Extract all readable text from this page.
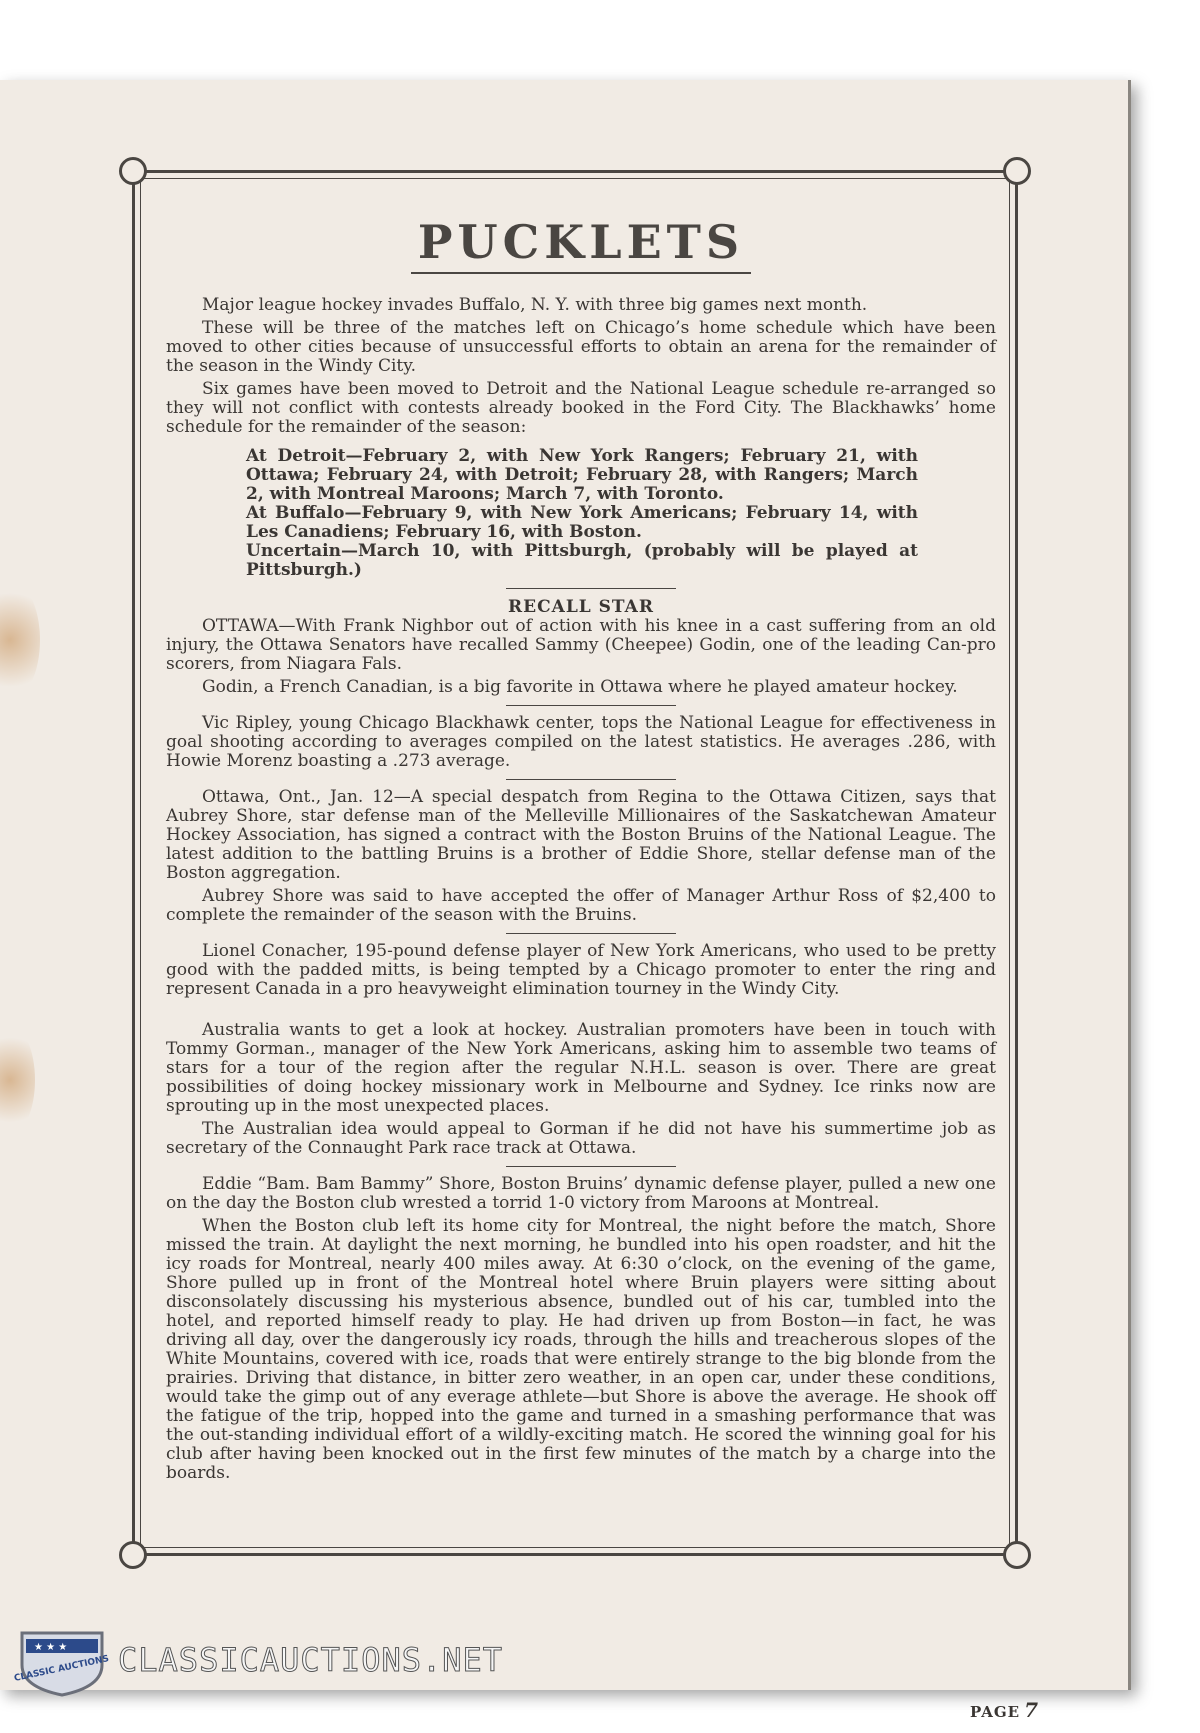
PUCKLETS

Major league hockey invades Buffalo, N. Y. with three big games next month.

These will be three of the matches left on Chicago’s home schedule which have been moved to other cities because of unsuccessful efforts to obtain an arena for the remainder of the season in the Windy City.

Six games have been moved to Detroit and the National League schedule re-arranged so they will not conflict with contests already booked in the Ford City. The Blackhawks’ home schedule for the remainder of the season:

At Detroit—February 2, with New York Rangers; February 21, with Ottawa; February 24, with Detroit; February 28, with Rangers; March 2, with Montreal Maroons; March 7, with Toronto.

At Buffalo—February 9, with New York Americans; February 14, with Les Canadiens; February 16, with Boston.

Uncertain—March 10, with Pittsburgh, (probably will be played at Pittsburgh.)

RECALL STAR

OTTAWA—With Frank Nighbor out of action with his knee in a cast suffering from an old injury, the Ottawa Senators have recalled Sammy (Cheepee) Godin, one of the leading Can-pro scorers, from Niagara Fals.

Godin, a French Canadian, is a big favorite in Ottawa where he played amateur hockey.

Vic Ripley, young Chicago Blackhawk center, tops the National League for effectiveness in goal shooting according to averages compiled on the latest statistics. He averages .286, with Howie Morenz boasting a .273 average.

Ottawa, Ont., Jan. 12—A special despatch from Regina to the Ottawa Citizen, says that Aubrey Shore, star defense man of the Melleville Millionaires of the Saskatchewan Amateur Hockey Association, has signed a contract with the Boston Bruins of the National League. The latest addition to the battling Bruins is a brother of Eddie Shore, stellar defense man of the Boston aggregation.

Aubrey Shore was said to have accepted the offer of Manager Arthur Ross of $2,400 to complete the remainder of the season with the Bruins.

Lionel Conacher, 195-pound defense player of New York Americans, who used to be pretty good with the padded mitts, is being tempted by a Chicago promoter to enter the ring and represent Canada in a pro heavyweight elimination tourney in the Windy City.

Australia wants to get a look at hockey. Australian promoters have been in touch with Tommy Gorman., manager of the New York Americans, asking him to assemble two teams of stars for a tour of the region after the regular N.H.L. season is over. There are great possibilities of doing hockey missionary work in Melbourne and Sydney. Ice rinks now are sprouting up in the most unexpected places.

The Australian idea would appeal to Gorman if he did not have his summertime job as secretary of the Connaught Park race track at Ottawa.

Eddie “Bam. Bam Bammy” Shore, Boston Bruins’ dynamic defense player, pulled a new one on the day the Boston club wrested a torrid 1-0 victory from Maroons at Montreal.

When the Boston club left its home city for Montreal, the night before the match, Shore missed the train. At daylight the next morning, he bundled into his open roadster, and hit the icy roads for Montreal, nearly 400 miles away. At 6:30 o’clock, on the evening of the game, Shore pulled up in front of the Montreal hotel where Bruin players were sitting about disconsolately discussing his mysterious absence, bundled out of his car, tumbled into the hotel, and reported himself ready to play. He had driven up from Boston—in fact, he was driving all day, over the dangerously icy roads, through the hills and treacherous slopes of the White Mountains, covered with ice, roads that were entirely strange to the big blonde from the prairies. Driving that distance, in bitter zero weather, in an open car, under these conditions, would take the gimp out of any everage athlete—but Shore is above the average. He shook off the fatigue of the trip, hopped into the game and turned in a smashing performance that was the out-standing individual effort of a wildly-exciting match. He scored the winning goal for his club after having been knocked out in the first few minutes of the match by a charge into the boards.

PAGE 7
★ ★ ★
CLASSIC AUCTIONS CLASSICAUCTIONS.NET
